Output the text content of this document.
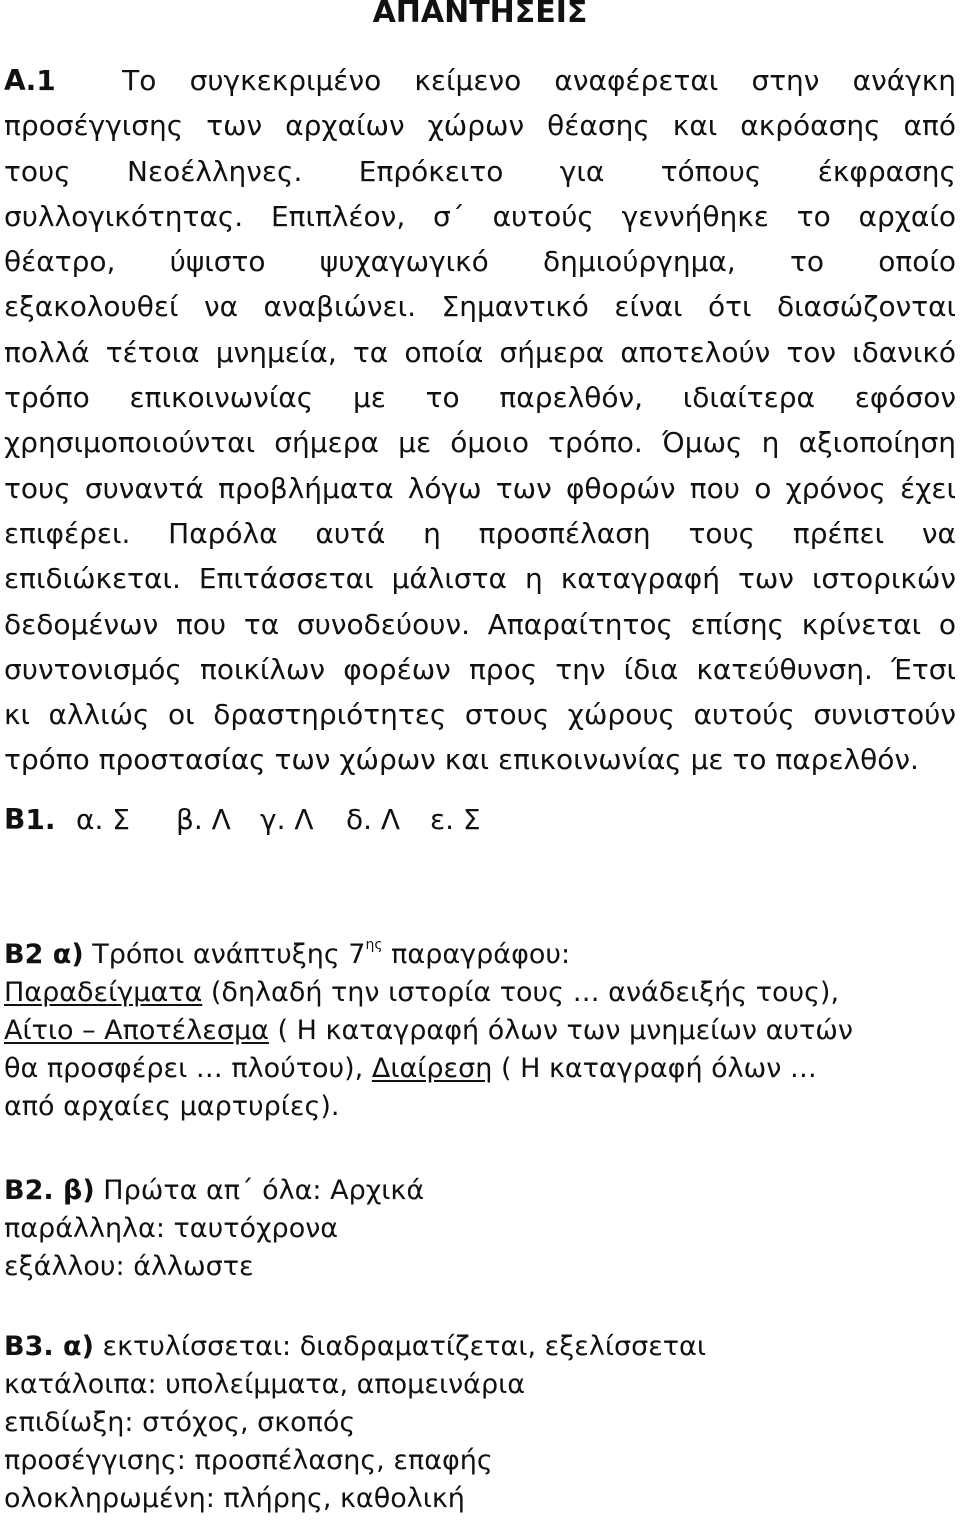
ΑΠΑΝΤΗΣΕΙΣ
Α.1 Το συγκεκριμένο κείμενο αναφέρεται στην ανάγκη
προσέγγισης των αρχαίων χώρων θέασης και ακρόασης από
τους Νεοέλληνες. Επρόκειτο για τόπους έκφρασης
συλλογικότητας. Επιπλέον, σ΄ αυτούς γεννήθηκε το αρχαίο
θέατρο, ύψιστο ψυχαγωγικό δημιούργημα, το οποίο
εξακολουθεί να αναβιώνει. Σημαντικό είναι ότι διασώζονται
πολλά τέτοια μνημεία, τα οποία σήμερα αποτελούν τον ιδανικό
τρόπο επικοινωνίας με το παρελθόν, ιδιαίτερα εφόσον
χρησιμοποιούνται σήμερα με όμοιο τρόπο. Όμως η αξιοποίηση
τους συναντά προβλήματα λόγω των φθορών που ο χρόνος έχει
επιφέρει. Παρόλα αυτά η προσπέλαση τους πρέπει να
επιδιώκεται. Επιτάσσεται μάλιστα η καταγραφή των ιστορικών
δεδομένων που τα συνοδεύουν. Απαραίτητος επίσης κρίνεται ο
συντονισμός ποικίλων φορέων προς την ίδια κατεύθυνση. Έτσι
κι αλλιώς οι δραστηριότητες στους χώρους αυτούς συνιστούν
τρόπο προστασίας των χώρων και επικοινωνίας με το παρελθόν.
Β1. α. Σ β. Λ γ. Λ δ. Λ ε. Σ
Β2 α) Τρόποι ανάπτυξης $7^{\eta\varsigma}$ παραγράφου:
Παραδείγματα (δηλαδή την ιστορία τους … ανάδειξής τους),
Αίτιο – Αποτέλεσμα ( Η καταγραφή όλων των μνημείων αυτών
θα προσφέρει … πλούτου), Διαίρεση ( Η καταγραφή όλων …
από αρχαίες μαρτυρίες).
Β2. β) Πρώτα απ΄ όλα: Αρχικά
παράλληλα: ταυτόχρονα
εξάλλου: άλλωστε
Β3. α) εκτυλίσσεται: διαδραματίζεται, εξελίσσεται
κατάλοιπα: υπολείμματα, απομεινάρια
επιδίωξη: στόχος, σκοπός
προσέγγισης: προσπέλασης, επαφής
ολοκληρωμένη: πλήρης, καθολική
